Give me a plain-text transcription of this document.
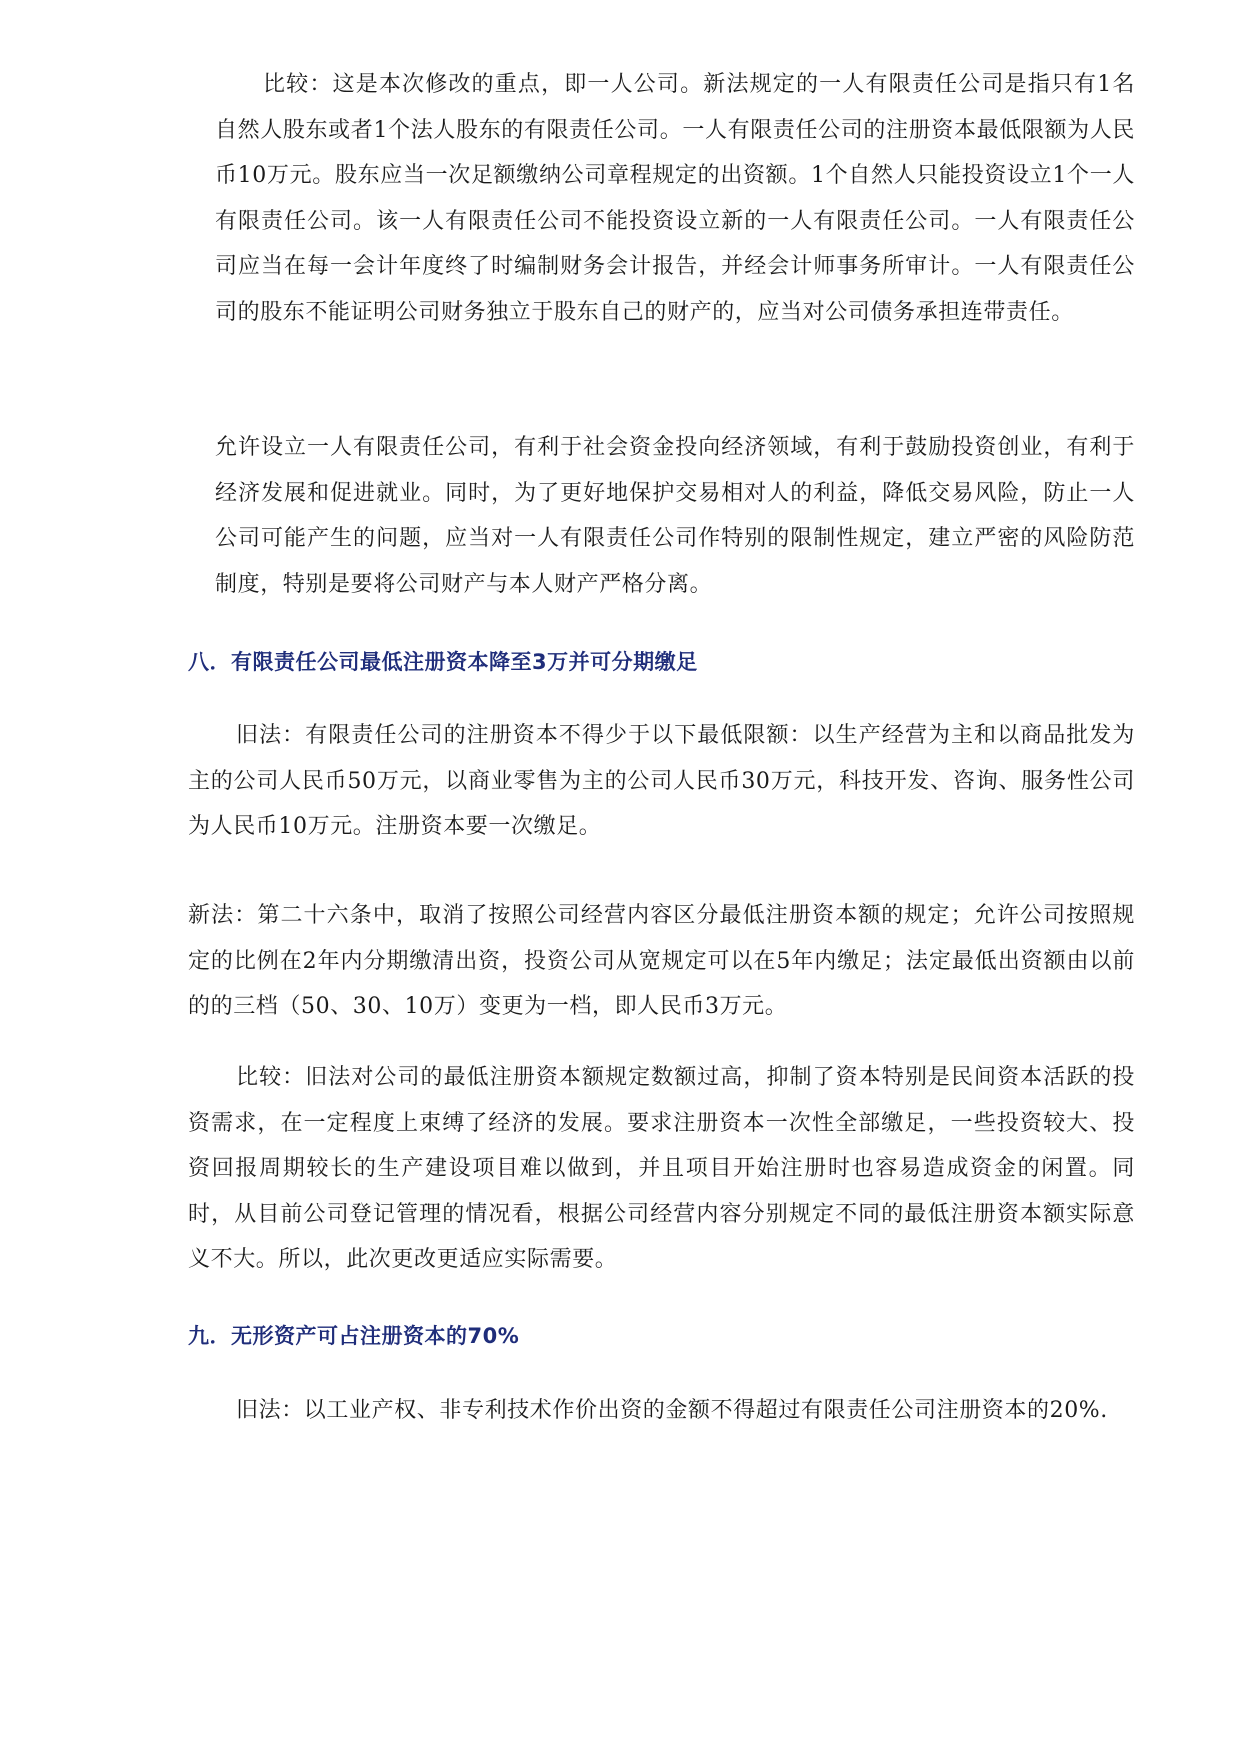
比较：这是本次修改的重点，即一人公司。新法规定的一人有限责任公司是指只有1名自然人股东或者1个法人股东的有限责任公司。一人有限责任公司的注册资本最低限额为人民币10万元。股东应当一次足额缴纳公司章程规定的出资额。1个自然人只能投资设立1个一人有限责任公司。该一人有限责任公司不能投资设立新的一人有限责任公司。一人有限责任公司应当在每一会计年度终了时编制财务会计报告，并经会计师事务所审计。一人有限责任公司的股东不能证明公司财务独立于股东自己的财产的，应当对公司债务承担连带责任。

允许设立一人有限责任公司，有利于社会资金投向经济领域，有利于鼓励投资创业，有利于经济发展和促进就业。同时，为了更好地保护交易相对人的利益，降低交易风险，防止一人公司可能产生的问题，应当对一人有限责任公司作特别的限制性规定，建立严密的风险防范制度，特别是要将公司财产与本人财产严格分离。

八．有限责任公司最低注册资本降至3万并可分期缴足

旧法：有限责任公司的注册资本不得少于以下最低限额：以生产经营为主和以商品批发为主的公司人民币50万元，以商业零售为主的公司人民币30万元，科技开发、咨询、服务性公司为人民币10万元。注册资本要一次缴足。

新法：第二十六条中，取消了按照公司经营内容区分最低注册资本额的规定；允许公司按照规定的比例在2年内分期缴清出资，投资公司从宽规定可以在5年内缴足；法定最低出资额由以前的的三档（50、30、10万）变更为一档，即人民币3万元。

比较：旧法对公司的最低注册资本额规定数额过高，抑制了资本特别是民间资本活跃的投资需求，在一定程度上束缚了经济的发展。要求注册资本一次性全部缴足，一些投资较大、投资回报周期较长的生产建设项目难以做到，并且项目开始注册时也容易造成资金的闲置。同时，从目前公司登记管理的情况看，根据公司经营内容分别规定不同的最低注册资本额实际意义不大。所以，此次更改更适应实际需要。

九．无形资产可占注册资本的70%

旧法：以工业产权、非专利技术作价出资的金额不得超过有限责任公司注册资本的20%.
